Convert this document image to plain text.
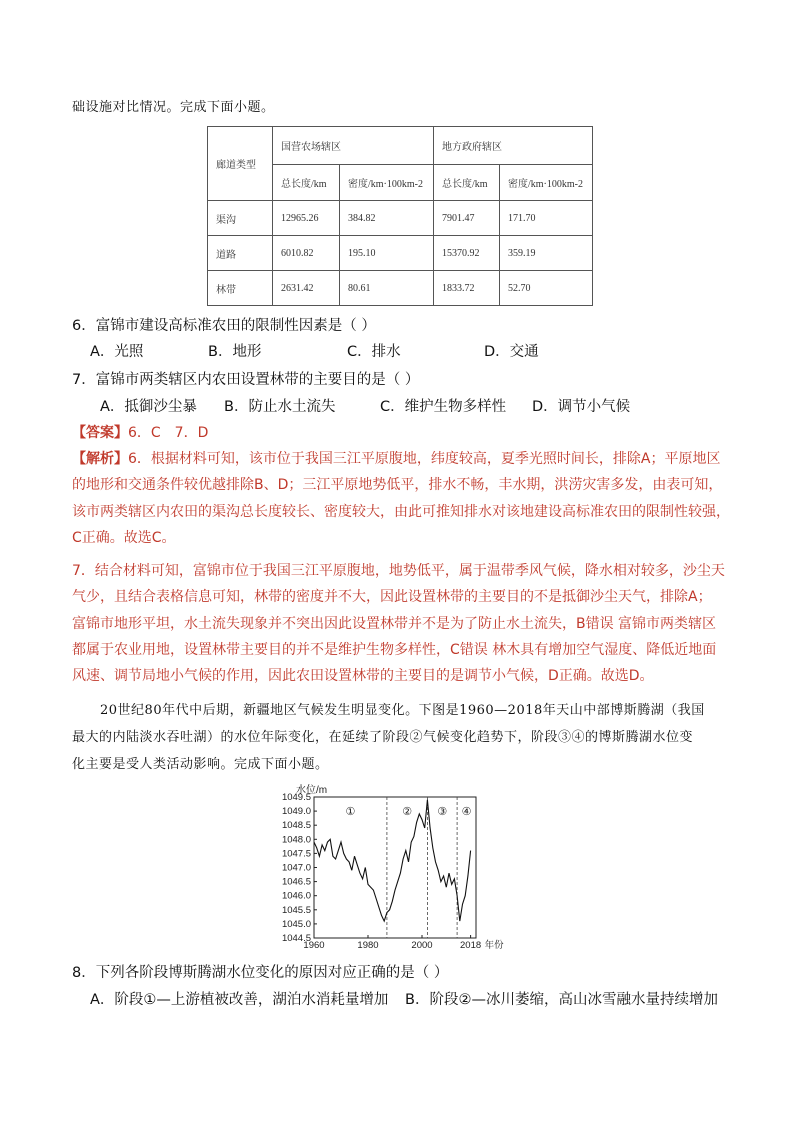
础设施对比情况。完成下面小题。
廊道类型	国营农场辖区		地方政府辖区	
	总长度/km	密度/km·100km-2	总长度/km	密度/km·100km-2
渠沟	12965.26	384.82	7901.47	171.70
道路	6010.82	195.10	15370.92	359.19
林带	2631.42	80.61	1833.72	52.70
6．富锦市建设高标准农田的限制性因素是（ ）
A．光照	B．地形	C．排水	D．交通
7．富锦市两类辖区内农田设置林带的主要目的是（ ）
A．抵御沙尘暴 B．防止水土流失	C．维护生物多样性 D．调节小气候
【答案】6．C　7．D
【解析】6．根据材料可知，该市位于我国三江平原腹地，纬度较高，夏季光照时间长，排除A；平原地区
的地形和交通条件较优越排除B、D；三江平原地势低平，排水不畅，丰水期，洪涝灾害多发，由表可知，
该市两类辖区内农田的渠沟总长度较长、密度较大，由此可推知排水对该地建设高标准农田的限制性较强，
C正确。故选C。
7．结合材料可知，富锦市位于我国三江平原腹地，地势低平，属于温带季风气候，降水相对较多，沙尘天
气少，且结合表格信息可知，林带的密度并不大，因此设置林带的主要目的不是抵御沙尘天气，排除A；
富锦市地形平坦，水土流失现象并不突出因此设置林带并不是为了防止水土流失，B错误 富锦市两类辖区
都属于农业用地，设置林带主要目的并不是维护生物多样性，C错误 林木具有增加空气湿度、降低近地面
风速、调节局地小气候的作用，因此农田设置林带的主要目的是调节小气候，D正确。故选D。
20世纪80年代中后期，新疆地区气候发生明显变化。下图是1960—2018年天山中部博斯腾湖（我国
最大的内陆淡水吞吐湖）的水位年际变化，在延续了阶段②气候变化趋势下，阶段③④的博斯腾湖水位变
化主要是受人类活动影响。完成下面小题。
1049.5
1049.0
1048.5
1048.0
1047.5
1047.0
1046.5
1046.0
1045.5
1045.0
1044.5
1960	1980	2000	2018
水位/m
年份
①	② ③ ④
8．下列各阶段博斯腾湖水位变化的原因对应正确的是（ ）
A．阶段①—上游植被改善，湖泊水消耗量增加 B．阶段②—冰川萎缩，高山冰雪融水量持续增加
